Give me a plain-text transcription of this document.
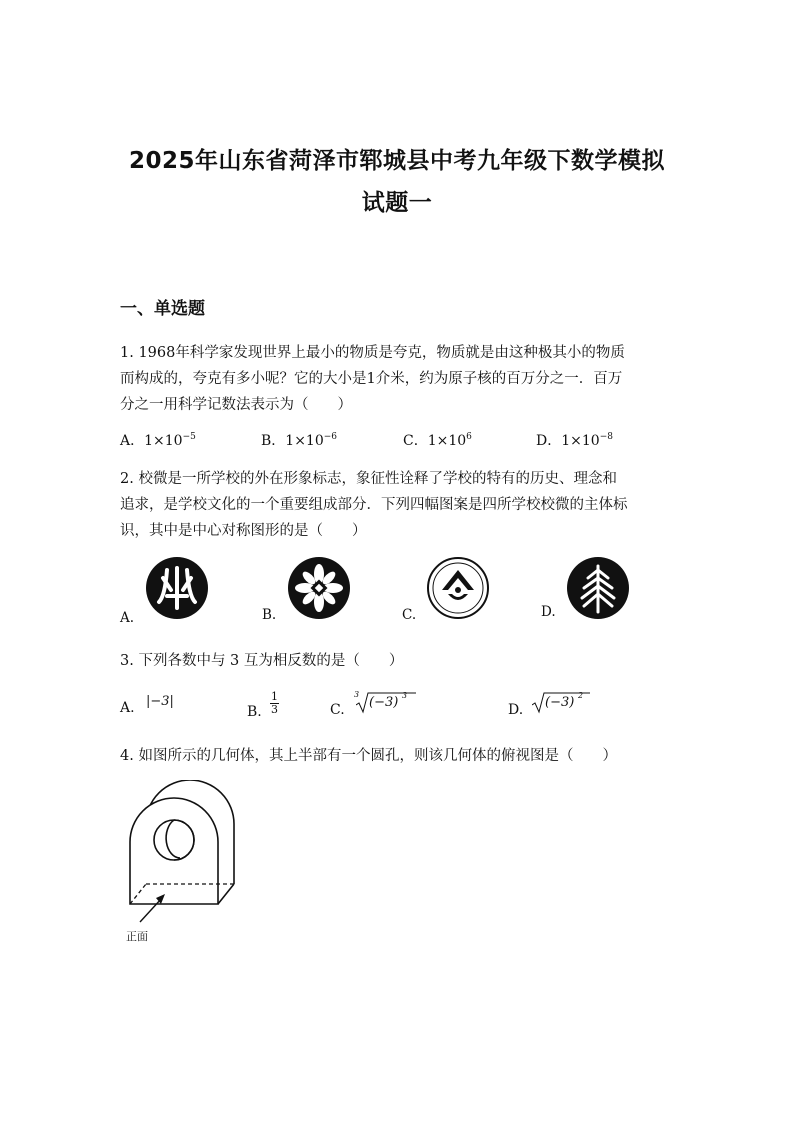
2025年山东省菏泽市郓城县中考九年级下数学模拟
试题一
一、单选题
1. 1968年科学家发现世界上最小的物质是夸克，物质就是由这种极其小的物质
而构成的，夸克有多小呢？它的大小是1介米，约为原子核的百万分之一．百万
分之一用科学记数法表示为（　　）
A．$1\times 10^{-5}$	B．$1\times 10^{-6}$	C．$1\times 10^6$	D．$1\times 10^{-8}$
2. 校微是一所学校的外在形象标志，象征性诠释了学校的特有的历史、理念和
追求，是学校文化的一个重要组成部分．下列四幅图案是四所学校校微的主体标
识，其中是中心对称图形的是（　　）
A.	B.	C.	D.
3. 下列各数中与 3 互为相反数的是（　　）
A. |−3|
B. $\frac{1}{3}$	C.
3
(−3) 3
D. (−3) 2
4. 如图所示的几何体，其上半部有一个圆孔，则该几何体的俯视图是（　　）
正面
